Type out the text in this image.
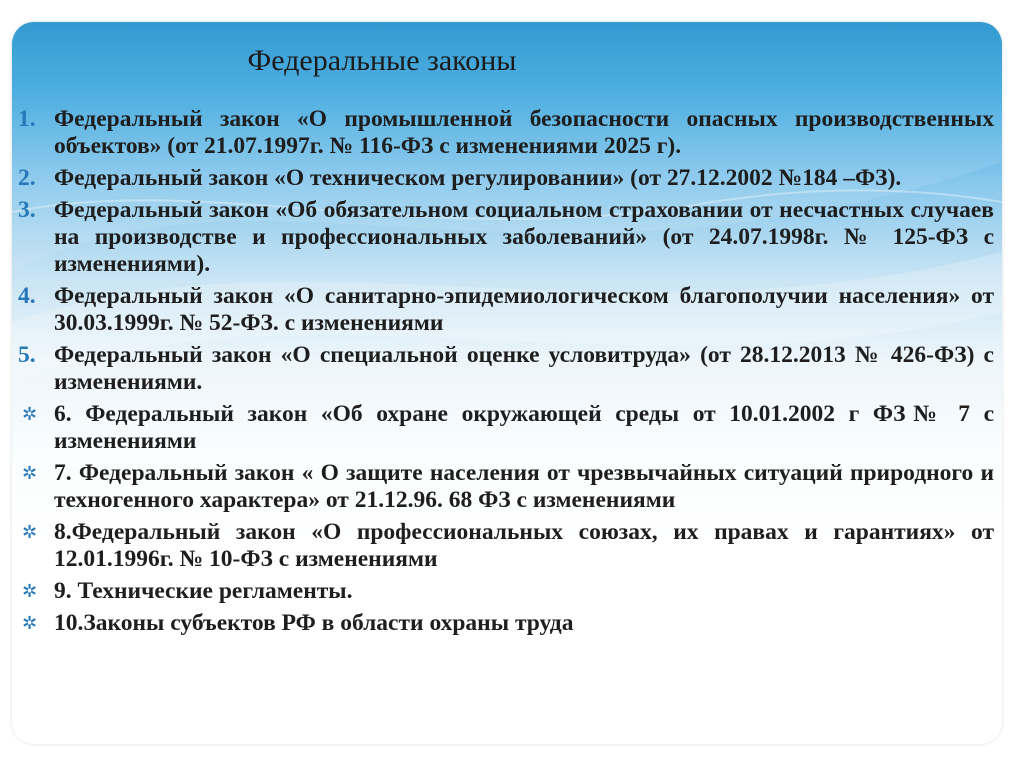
Федеральные законы
1. Федеральный закон «О промышленной безопасности опасных производственных объектов» (от 21.07.1997г. № 116-ФЗ с изменениями 2025 г).
2. Федеральный закон «О техническом регулировании» (от 27.12.2002 №184 –ФЗ).
3. Федеральный закон «Об обязательном социальном страховании от несчастных случаев на производстве и профессиональных заболеваний» (от 24.07.1998г. № 125-ФЗ с изменениями).
4. Федеральный закон «О санитарно-эпидемиологическом благополучии населения» от 30.03.1999г. № 52-ФЗ. с изменениями
5. Федеральный закон «О специальной оценке условитруда» (от 28.12.2013 № 426-ФЗ) с изменениями.
✲ 6. Федеральный закон «Об охране окружающей среды от 10.01.2002 г ФЗ№ 7 с изменениями
✲ 7. Федеральный закон « О защите населения от чрезвычайных ситуаций природного и техногенного характера» от 21.12.96. 68 ФЗ с изменениями
✲ 8.Федеральный закон «О профессиональных союзах, их правах и гарантиях» от 12.01.1996г. № 10-ФЗ с изменениями
✲ 9. Технические регламенты.
✲ 10.Законы субъектов РФ в области охраны труда
